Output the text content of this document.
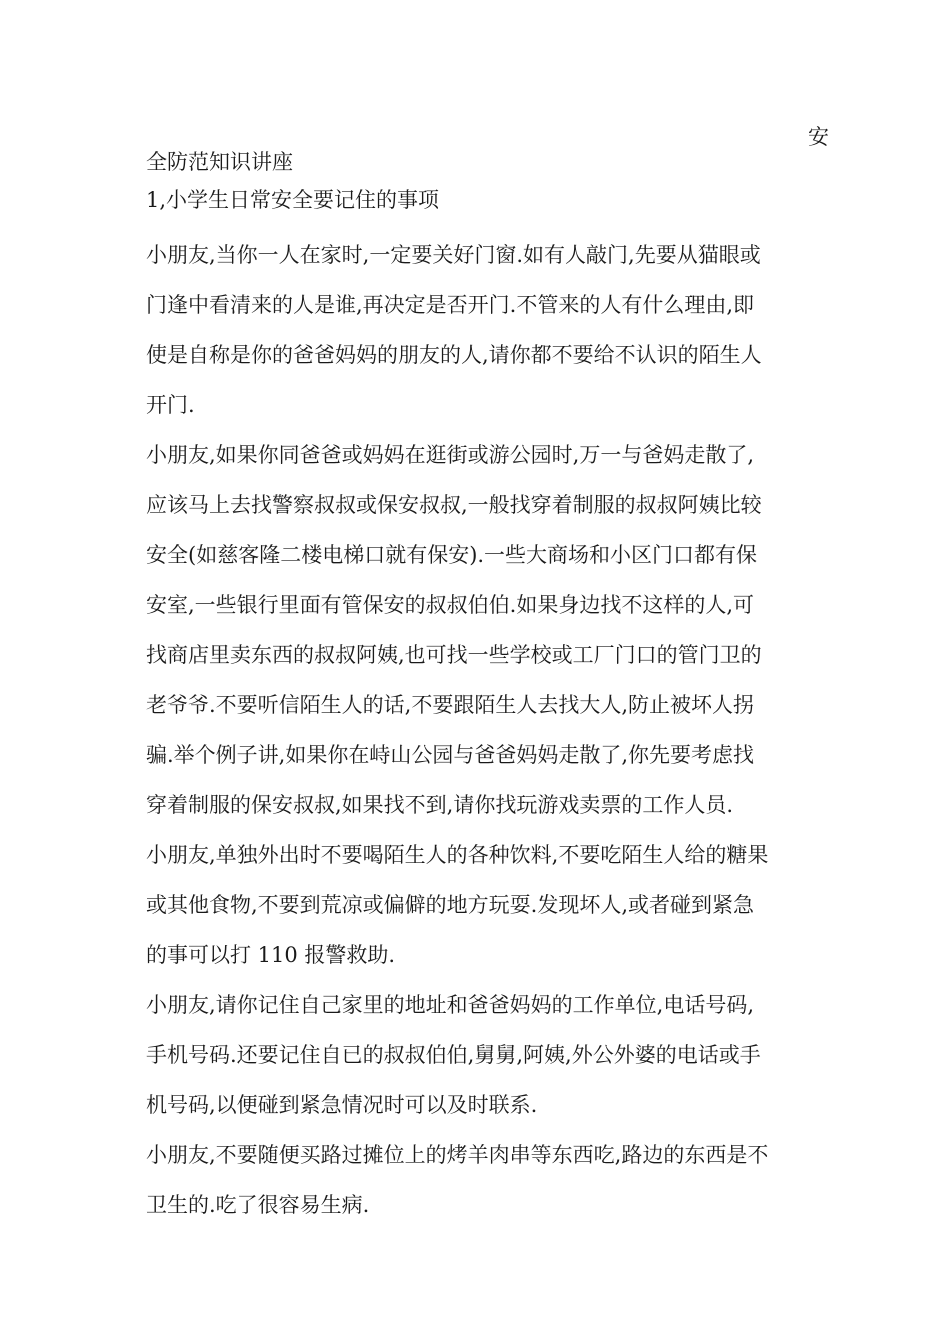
安
全防范知识讲座
1,小学生日常安全要记住的事项
小朋友,当你一人在家时,一定要关好门窗.如有人敲门,先要从猫眼或
门逢中看清来的人是谁,再决定是否开门.不管来的人有什么理由,即
使是自称是你的爸爸妈妈的朋友的人,请你都不要给不认识的陌生人
开门.
小朋友,如果你同爸爸或妈妈在逛街或游公园时,万一与爸妈走散了,
应该马上去找警察叔叔或保安叔叔,一般找穿着制服的叔叔阿姨比较
安全(如慈客隆二楼电梯口就有保安).一些大商场和小区门口都有保
安室,一些银行里面有管保安的叔叔伯伯.如果身边找不这样的人,可
找商店里卖东西的叔叔阿姨,也可找一些学校或工厂门口的管门卫的
老爷爷.不要听信陌生人的话,不要跟陌生人去找大人,防止被坏人拐
骗.举个例子讲,如果你在峙山公园与爸爸妈妈走散了,你先要考虑找
穿着制服的保安叔叔,如果找不到,请你找玩游戏卖票的工作人员.
小朋友,单独外出时不要喝陌生人的各种饮料,不要吃陌生人给的糖果
或其他食物,不要到荒凉或偏僻的地方玩耍.发现坏人,或者碰到紧急
的事可以打 110 报警救助.
小朋友,请你记住自己家里的地址和爸爸妈妈的工作单位,电话号码,
手机号码.还要记住自已的叔叔伯伯,舅舅,阿姨,外公外婆的电话或手
机号码,以便碰到紧急情况时可以及时联系.
小朋友,不要随便买路过摊位上的烤羊肉串等东西吃,路边的东西是不
卫生的.吃了很容易生病.
